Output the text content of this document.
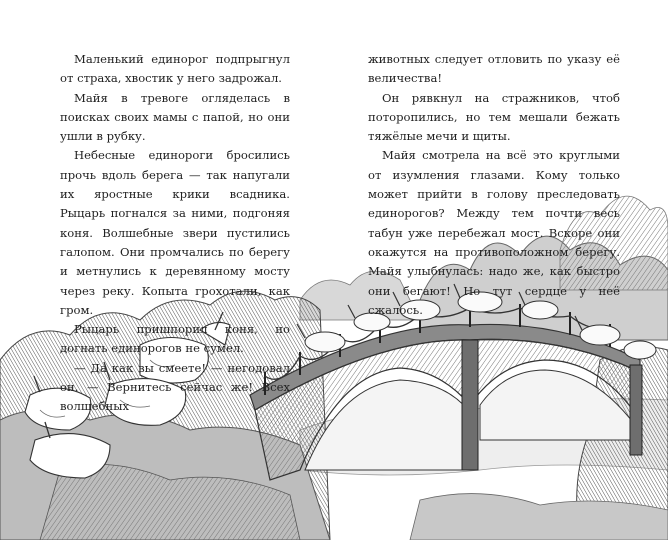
Маленький единорог подпрыгнул от страха, хвостик у него задрожал.

Майя в тревоге огляделась в поисках своих мамы с папой, но они ушли в рубку.

Небесные единороги бросились прочь вдоль берега — так напугали их яростные крики всадника. Рыцарь погнался за ними, подгоняя коня. Волшебные звери пустились галопом. Они промчались по берегу и метнулись к деревянному мосту через реку. Копыта грохотали, как гром.

Рыцарь пришпорил коня, но догнать единорогов не сумел.

— Да как вы смеете! — негодовал он. — Вернитесь сейчас же! Всех волшебных

животных следует отловить по указу её величества!

Он рявкнул на стражников, чтоб поторопились, но тем мешали бежать тяжёлые мечи и щиты.

Майя смотрела на всё это круглыми от изумления глазами. Кому только может прийти в голову преследовать единорогов? Между тем почти весь табун уже перебежал мост. Вскоре они окажутся на противоположном берегу. Майя улыбнулась: надо же, как быстро они бегают! Но тут сердце у неё сжалось.
